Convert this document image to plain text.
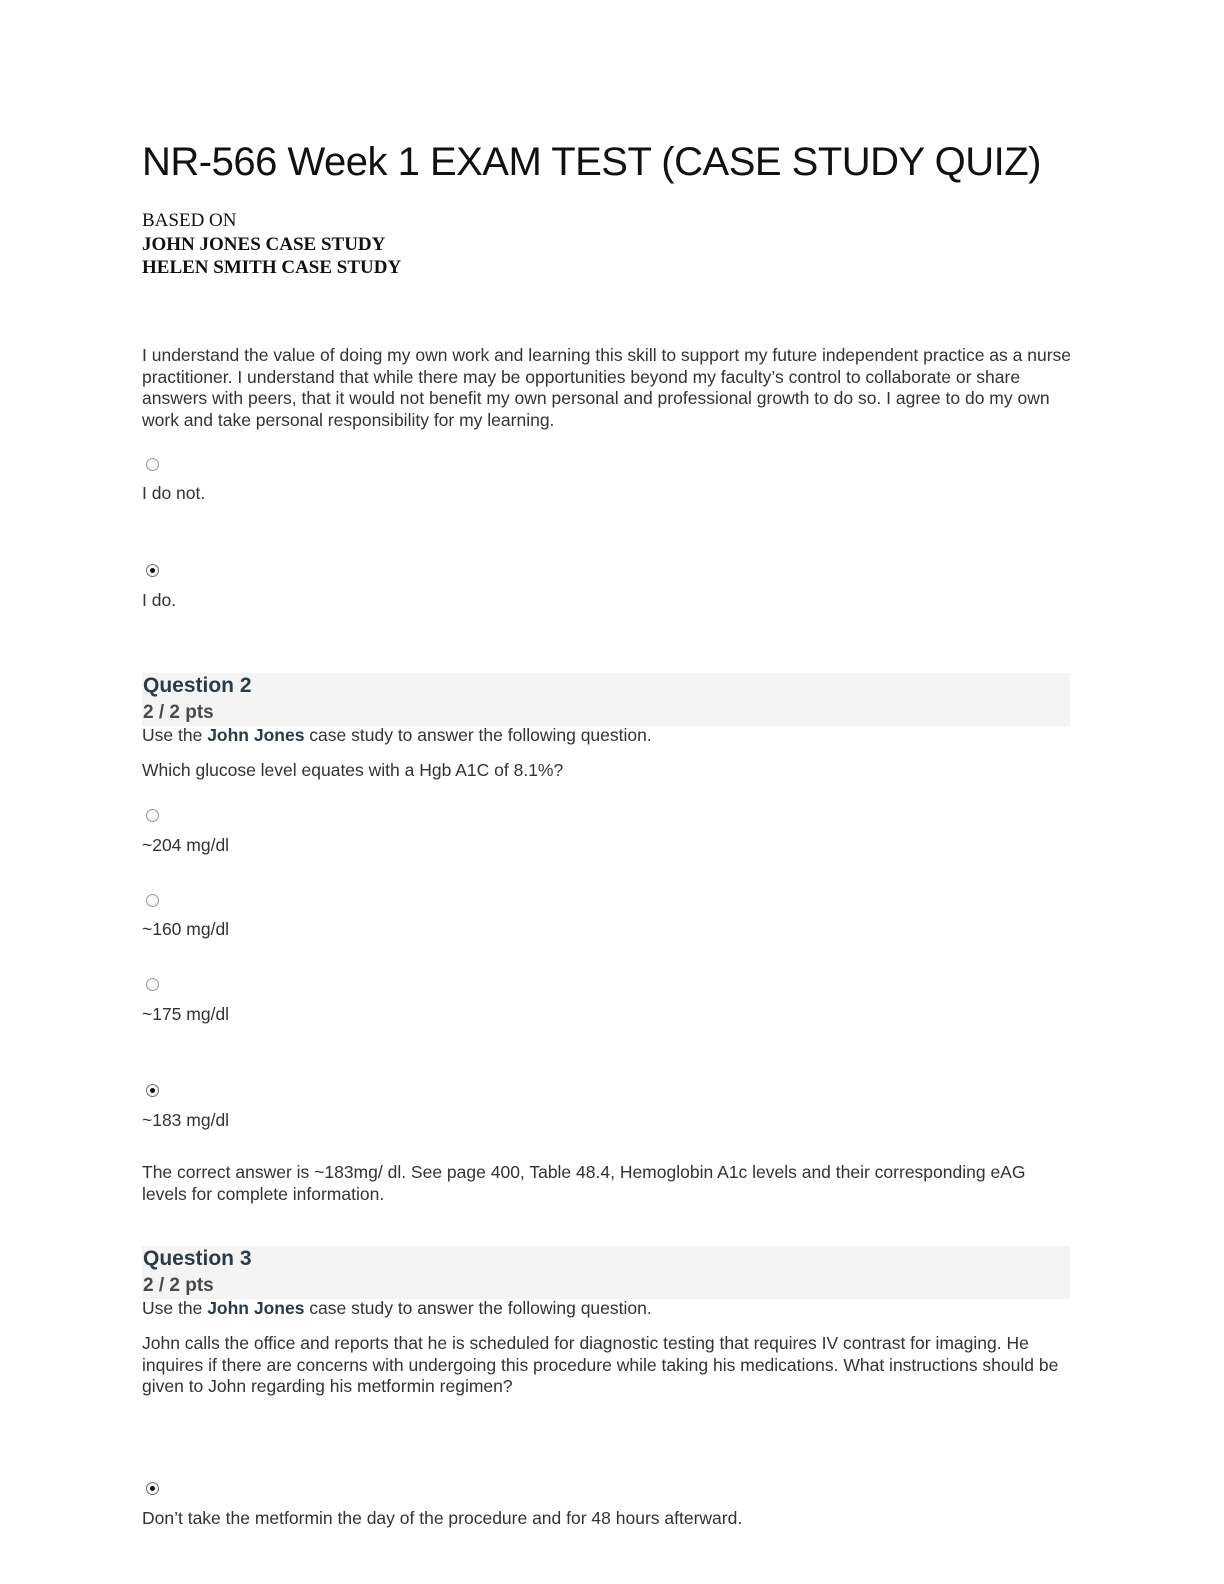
NR-566 Week 1 EXAM TEST (CASE STUDY QUIZ)
BASED ON
JOHN JONES CASE STUDY
HELEN SMITH CASE STUDY
I understand the value of doing my own work and learning this skill to support my future independent practice as a nurse practitioner. I understand that while there may be opportunities beyond my faculty’s control to collaborate or share answers with peers, that it would not benefit my own personal and professional growth to do so. I agree to do my own work and take personal responsibility for my learning.
I do not.
I do.
Question 2
2 / 2 pts
Use the John Jones case study to answer the following question.
Which glucose level equates with a Hgb A1C of 8.1%?
~204 mg/dl
~160 mg/dl
~175 mg/dl
~183 mg/dl
The correct answer is ~183mg/ dl. See page 400, Table 48.4, Hemoglobin A1c levels and their corresponding eAG levels for complete information.
Question 3
2 / 2 pts
Use the John Jones case study to answer the following question.
John calls the office and reports that he is scheduled for diagnostic testing that requires IV contrast for imaging. He inquires if there are concerns with undergoing this procedure while taking his medications. What instructions should be given to John regarding his metformin regimen?
Don’t take the metformin the day of the procedure and for 48 hours afterward.
